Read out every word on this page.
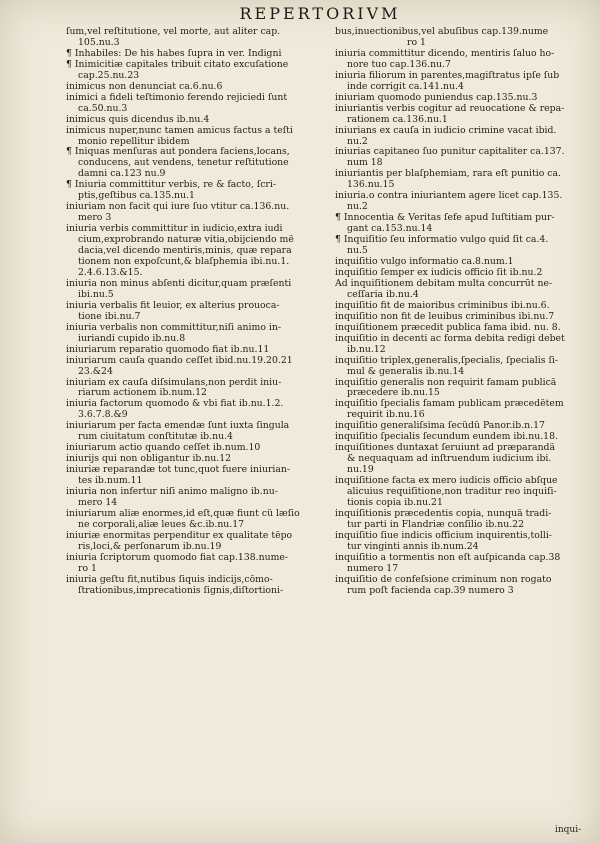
REPERTORIVM
ſum,vel reſtitutione, vel morte, aut aliter cap.
105.nu.3
¶ Inhabiles: De his habes ſupra in ver. Indigni
¶ Inimicitiæ capitales tribuit citato excuſatione
cap.25.nu.23
inimicus non denunciat ca.6.nu.6
inimici a fideli teſtimonio ferendo rejiciedi ſunt
ca.50.nu.3
inimicus quis dicendus ib.nu.4
inimicus nuper,nunc tamen amicus factus a teſti
monio repellitur ibidem
¶ Iniquas menſuras aut pondera faciens,locans,
conducens, aut vendens, tenetur reſtitutione
damni ca.123 nu.9
¶ Iniuria committitur verbis, re & facto, ſcri-
ptis,geſtibus ca.135.nu.1
iniuriam non facit qui iure ſuo vtitur ca.136.nu.
mero 3
iniuria verbis committitur in iudicio,extra iudi
cium,exprobrando naturæ vitia,obijciendo mẽ
dacia,vel dicendo mentiris,minis, quæ repara
tionem non expoſcunt,& blaſphemia ibi.nu.1.
2.4.6.13.&15.
iniuria non minus abſenti dicitur,quam præſenti
ibi.nu.5
iniuria verbalis fit leuior, ex alterius prouoca-
tione ibi.nu.7
iniuria verbalis non committitur,niſi animo in-
iuriandi cupido ib.nu.8
iniuriarum reparatio quomodo fiat ib.nu.11
iniuriarum cauſa quando ceſſet ibid.nu.19.20.21
23.&24
iniuriam ex cauſa diſsimulans,non perdit iniu-
riarum actionem ib.num.12
iniuria factorum quomodo & vbi fiat ib.nu.1.2.
3.6.7.8.&9
iniuriarum per facta emendæ ſunt iuxta ſingula
rum ciuitatum conſtitutæ ib.nu.4
iniuriarum actio quando ceſſet ib.num.10
iniurijs qui non obligantur ib.nu.12
iniuriæ reparandæ tot tunc,quot fuere iniurian-
tes ib.num.11
iniuria non infertur niſi animo maligno ib.nu-
mero 14
iniuriarum aliæ enormes,id eſt,quæ fiunt cũ læſio
ne corporali,aliæ leues &c.ib.nu.17
iniuriæ enormitas perpenditur ex qualitate tẽpo
ris,loci,& perſonarum ib.nu.19
iniuria ſcriptorum quomodo fiat cap.138.nume-
ro 1
iniuria geſtu fit,nutibus ſiquis indicijs,cõmo-
ſtrationibus,imprecationis ſignis,diſtortioni-
bus,inuectionibus,vel abuſibus cap.139.nume
ro 1
iniuria committitur dicendo, mentiris ſaluo ho-
nore tuo cap.136.nu.7
iniuria filiorum in parentes,magiſtratus ipſe ſub
inde corrigit ca.141.nu.4
iniuriam quomodo puniendus cap.135.nu.3
iniuriantis verbis cogitur ad reuocatione & repa-
rationem ca.136.nu.1
iniurians ex cauſa in iudicio crimine vacat ibid.
nu.2
iniurias capitaneo ſuo punitur capitaliter ca.137.
num 18
iniuriantis per blaſphemiam, rara eſt punitio ca.
136.nu.15
iniuria.o contra iniuriantem agere licet cap.135.
nu.2
¶ Innocentia & Veritas ſefe apud Iuſtitiam pur-
gant ca.153.nu.14
¶ Inquiſitio ſeu informatio vulgo quid ſit ca.4.
nu.5
inquiſitio vulgo informatio ca.8.num.1
inquiſitio ſemper ex iudicis officio ſit ib.nu.2
Ad inquiſitionem debitam multa concurrūt ne-
ceſſaria ib.nu.4
inquiſitio fit de maioribus criminibus ibi.nu.6.
inquiſitio non fit de leuibus criminibus ibi.nu.7
inquiſitionem præcedit publica fama ibid. nu. 8.
inquiſitio in decenti ac forma debita redigi debet
ib.nu.12
inquiſitio triplex,generalis,ſpecialis, ſpecialis ſi-
mul & generalis ib.nu.14
inquiſitio generalis non requirit famam publicã
præcedere ib.nu.15
inquiſitio ſpecialis famam publicam præcedẽtem
requirit ib.nu.16
inquiſitio generaliſsima ſecũdũ Panor.ib.n.17
inquiſitio ſpecialis ſecundum eundem ibi.nu.18.
inquiſitiones duntaxat ſeruiunt ad præparandã
& nequaquam ad inſtruendum iudicium ibi.
nu.19
inquiſitione facta ex mero iudicis officio abſque
alicuius requiſitione,non traditur reo inquiſi-
tionis copia ib.nu.21
inquiſitionis præcedentis copia, nunquã tradi-
tur parti in Flandriæ conſilio ib.nu.22
inquiſitio ſiue indicis officium inquirentis,tolli-
tur vinginti annis ib.num.24
inquiſitio a tormentis non eſt auſpicanda cap.38
numero 17
inquiſitio de confeſsione criminum non rogato
rum poſt facienda cap.39 numero 3
inqui-
